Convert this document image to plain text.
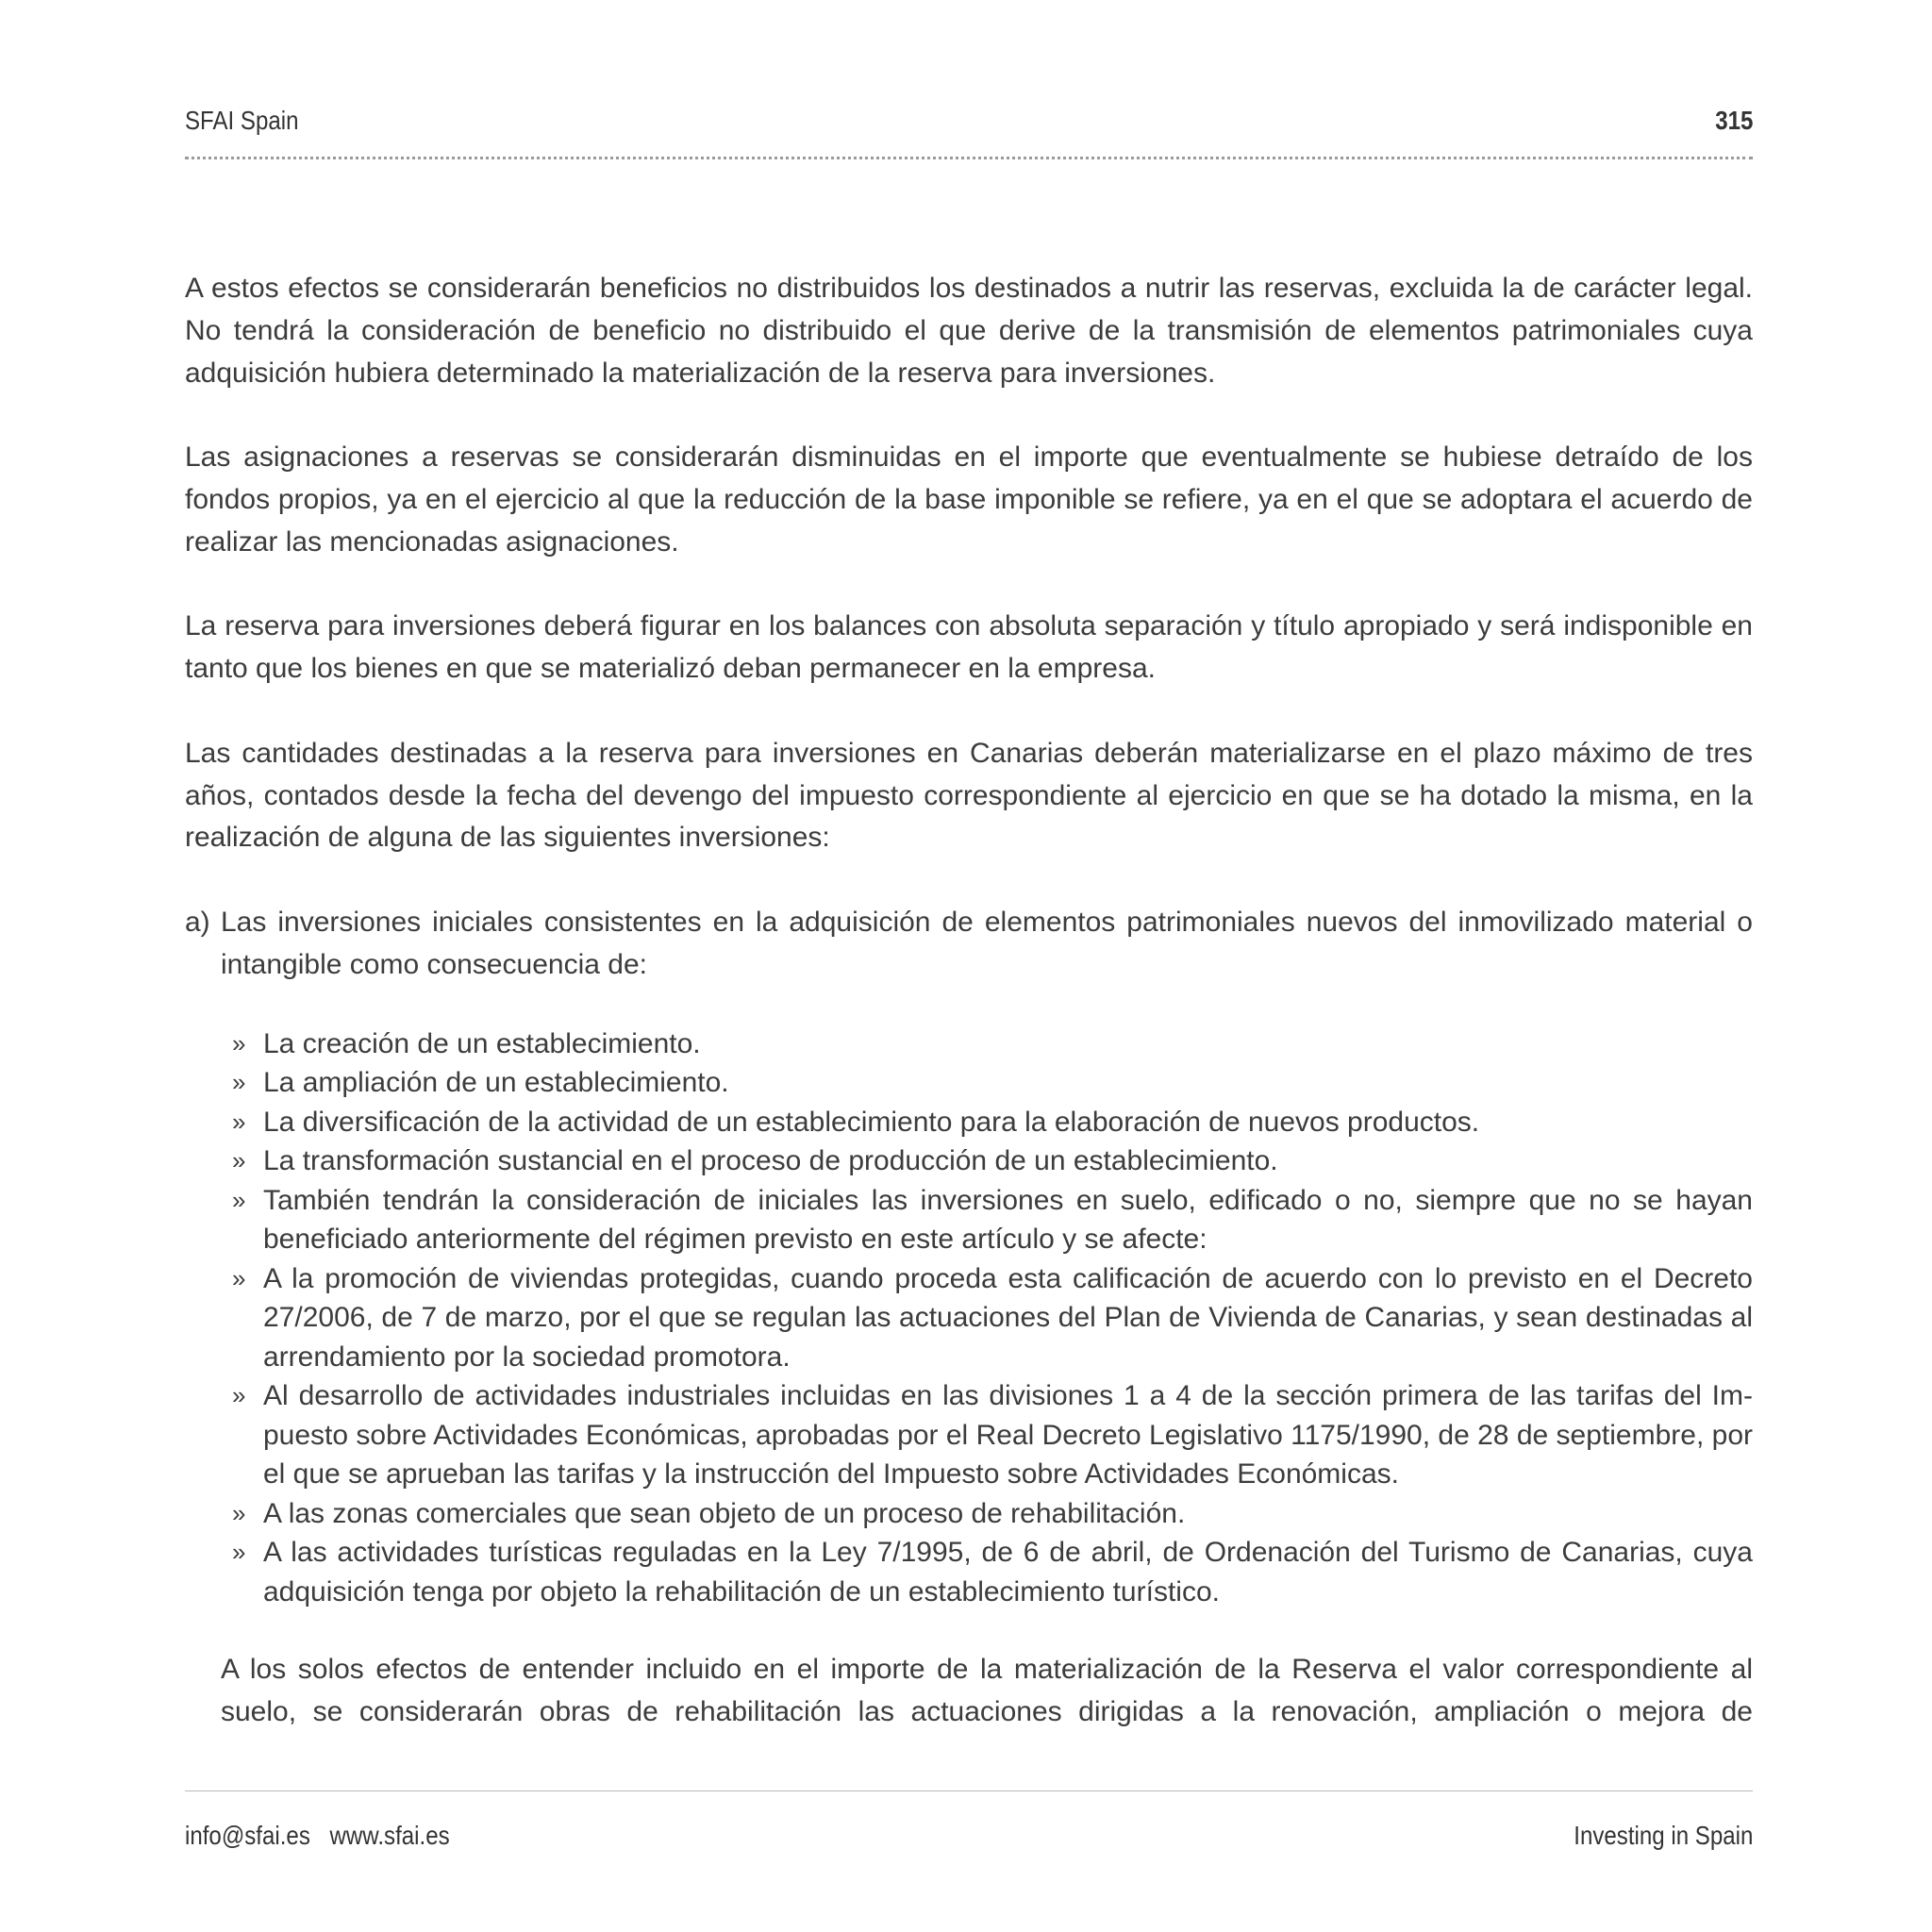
SFAI Spain	315

A estos efectos se considerarán beneficios no distribuidos los destinados a nutrir las reservas, excluida la de carácter legal. No tendrá la consideración de beneficio no distribuido el que derive de la transmisión de elementos patrimoniales cuya adquisición hubiera determinado la materialización de la reserva para inversiones.

Las asignaciones a reservas se considerarán disminuidas en el importe que eventualmente se hubiese detraído de los fondos propios, ya en el ejercicio al que la reducción de la base imponible se refiere, ya en el que se adoptara el acuerdo de realizar las mencionadas asignaciones.

La reserva para inversiones deberá figurar en los balances con absoluta separación y título apropiado y será indisponible en tanto que los bienes en que se materializó deban permanecer en la empresa.

Las cantidades destinadas a la reserva para inversiones en Canarias deberán materializarse en el plazo máximo de tres años, contados desde la fecha del devengo del impuesto correspondiente al ejercicio en que se ha dotado la misma, en la realización de alguna de las siguientes inversiones:

a) Las inversiones iniciales consistentes en la adquisición de elementos patrimoniales nuevos del inmovilizado material o intangible como consecuencia de:
» La creación de un establecimiento.
» La ampliación de un establecimiento.
» La diversificación de la actividad de un establecimiento para la elaboración de nuevos productos.
» La transformación sustancial en el proceso de producción de un establecimiento.
» También tendrán la consideración de iniciales las inversiones en suelo, edificado o no, siempre que no se hayan beneficiado anteriormente del régimen previsto en este artículo y se afecte:
» A la promoción de viviendas protegidas, cuando proceda esta calificación de acuerdo con lo previsto en el Decreto 27/2006, de 7 de marzo, por el que se regulan las actuaciones del Plan de Vivienda de Canarias, y sean destinadas al arrendamiento por la sociedad promotora.
» Al desarrollo de actividades industriales incluidas en las divisiones 1 a 4 de la sección primera de las tarifas del Im-puesto sobre Actividades Económicas, aprobadas por el Real Decreto Legislativo 1175/1990, de 28 de septiembre, por el que se aprueban las tarifas y la instrucción del Impuesto sobre Actividades Económicas.
» A las zonas comerciales que sean objeto de un proceso de rehabilitación.
» A las actividades turísticas reguladas en la Ley 7/1995, de 6 de abril, de Ordenación del Turismo de Canarias, cuya adquisición tenga por objeto la rehabilitación de un establecimiento turístico.

A los solos efectos de entender incluido en el importe de la materialización de la Reserva el valor correspondiente al suelo, se considerarán obras de rehabilitación las actuaciones dirigidas a la renovación, ampliación o mejora de

info@sfai.es www.sfai.es	Investing in Spain
